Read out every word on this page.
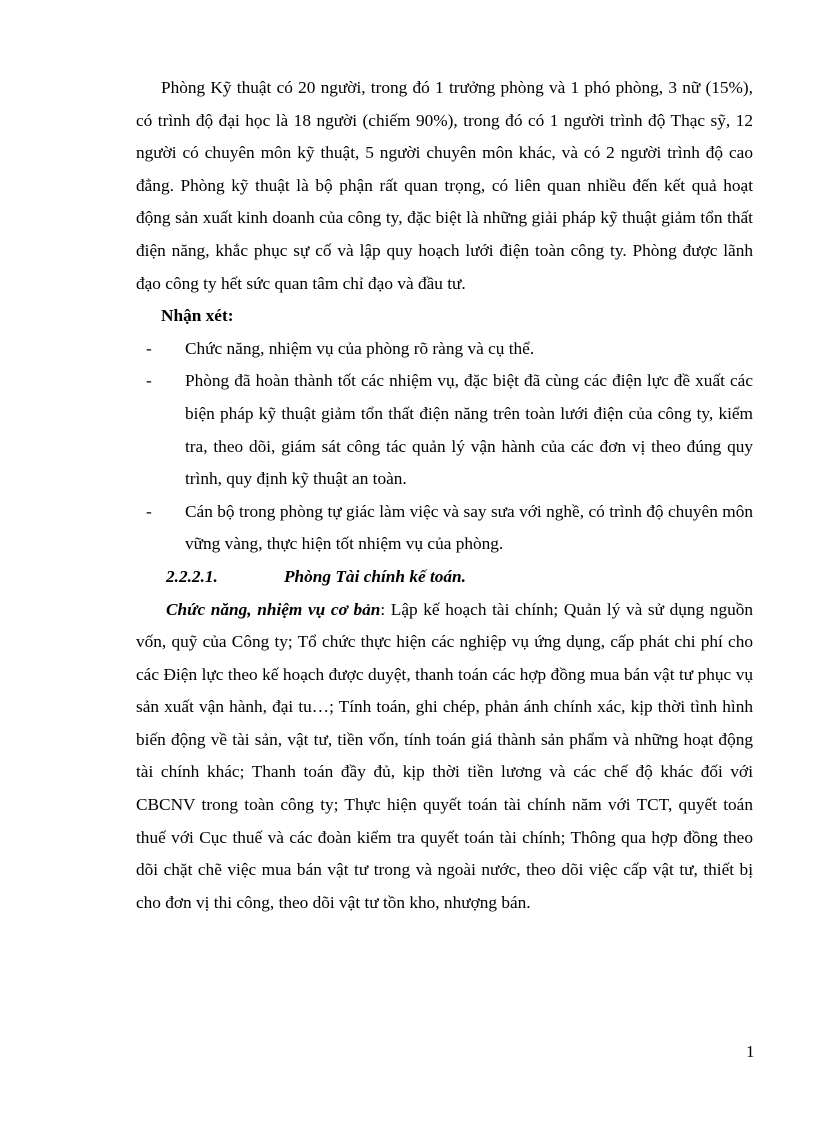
Phòng Kỹ thuật có 20 người, trong đó 1 trưởng phòng và 1 phó phòng, 3 nữ (15%), có trình độ đại học là 18 người (chiếm 90%), trong đó có 1 người trình độ Thạc sỹ, 12 người có chuyên môn kỹ thuật, 5 người chuyên môn khác, và có 2 người trình độ cao đẳng. Phòng kỹ thuật là bộ phận rất quan trọng, có liên quan nhiều đến kết quả hoạt động sản xuất kinh doanh của công ty, đặc biệt là những giải pháp kỹ thuật giảm tổn thất điện năng, khắc phục sự cố và lập quy hoạch lưới điện toàn công ty. Phòng được lãnh đạo công ty hết sức quan tâm chỉ đạo và đầu tư.

Nhận xét:

- Chức năng, nhiệm vụ của phòng rõ ràng và cụ thể.
- Phòng đã hoàn thành tốt các nhiệm vụ, đặc biệt đã cùng các điện lực đề xuất các biện pháp kỹ thuật giảm tổn thất điện năng trên toàn lưới điện của công ty, kiểm tra, theo dõi, giám sát công tác quản lý vận hành của các đơn vị theo đúng quy trình, quy định kỹ thuật an toàn.
- Cán bộ trong phòng tự giác làm việc và say sưa với nghề, có trình độ chuyên môn vững vàng, thực hiện tốt nhiệm vụ của phòng.

2.2.2.1.	Phòng Tài chính kế toán.

Chức năng, nhiệm vụ cơ bản: Lập kế hoạch tài chính; Quản lý và sử dụng nguồn vốn, quỹ của Công ty; Tổ chức thực hiện các nghiệp vụ ứng dụng, cấp phát chi phí cho các Điện lực theo kế hoạch được duyệt, thanh toán các hợp đồng mua bán vật tư phục vụ sản xuất vận hành, đại tu…; Tính toán, ghi chép, phản ánh chính xác, kịp thời tình hình biến động về tài sản, vật tư, tiền vốn, tính toán giá thành sản phẩm và những hoạt động tài chính khác; Thanh toán đầy đủ, kịp thời tiền lương và các chế độ khác đối với CBCNV trong toàn công ty; Thực hiện quyết toán tài chính năm với TCT, quyết toán thuế với Cục thuế và các đoàn kiểm tra quyết toán tài chính; Thông qua hợp đồng theo dõi chặt chẽ việc mua bán vật tư trong và ngoài nước, theo dõi việc cấp vật tư, thiết bị cho đơn vị thi công, theo dõi vật tư tồn kho, nhượng bán.

1
